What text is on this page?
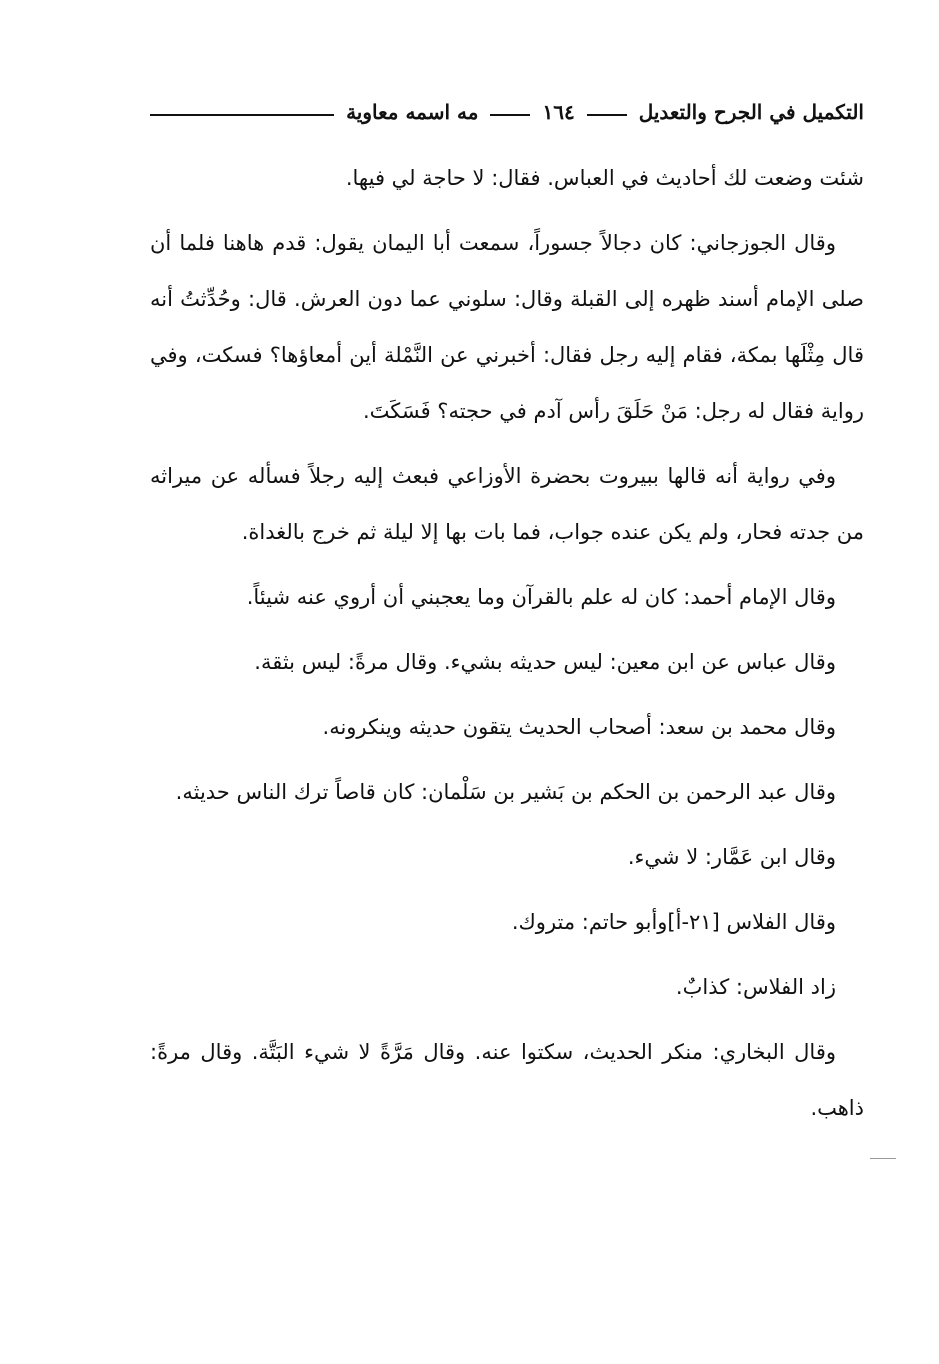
التكميل في الجرح والتعديل
١٦٤
مه اسمه معاوية

شئت وضعت لك أحاديث في العباس. فقال: لا حاجة لي فيها.

وقال الجوزجاني: كان دجالاً جسوراً، سمعت أبا اليمان يقول: قدم هاهنا فلما أن صلى الإمام أسند ظهره إلى القبلة وقال: سلوني عما دون العرش. قال: وحُدِّثتُ أنه قال مِثْلَها بمكة، فقام إليه رجل فقال: أخبرني عن النَّمْلة أين أمعاؤها؟ فسكت، وفي رواية فقال له رجل: مَنْ حَلَقَ رأس آدم في حجته؟ فَسَكَتَ.

وفي رواية أنه قالها ببيروت بحضرة الأوزاعي فبعث إليه رجلاً فسأله عن ميراثه من جدته فحار، ولم يكن عنده جواب، فما بات بها إلا ليلة ثم خرج بالغداة.

وقال الإمام أحمد: كان له علم بالقرآن وما يعجبني أن أروي عنه شيئاً.

وقال عباس عن ابن معين: ليس حديثه بشيء. وقال مرةً: ليس بثقة.

وقال محمد بن سعد: أصحاب الحديث يتقون حديثه وينكرونه.

وقال عبد الرحمن بن الحكم بن بَشير بن سَلْمان: كان قاصاً ترك الناس حديثه.

وقال ابن عَمَّار: لا شيء.

وقال الفلاس [٢١-أ]وأبو حاتم: متروك.

زاد الفلاس: كذابٌ.

وقال البخاري: منكر الحديث، سكتوا عنه. وقال مَرَّةً لا شيء البَتَّة. وقال مرةً: ذاهب.
